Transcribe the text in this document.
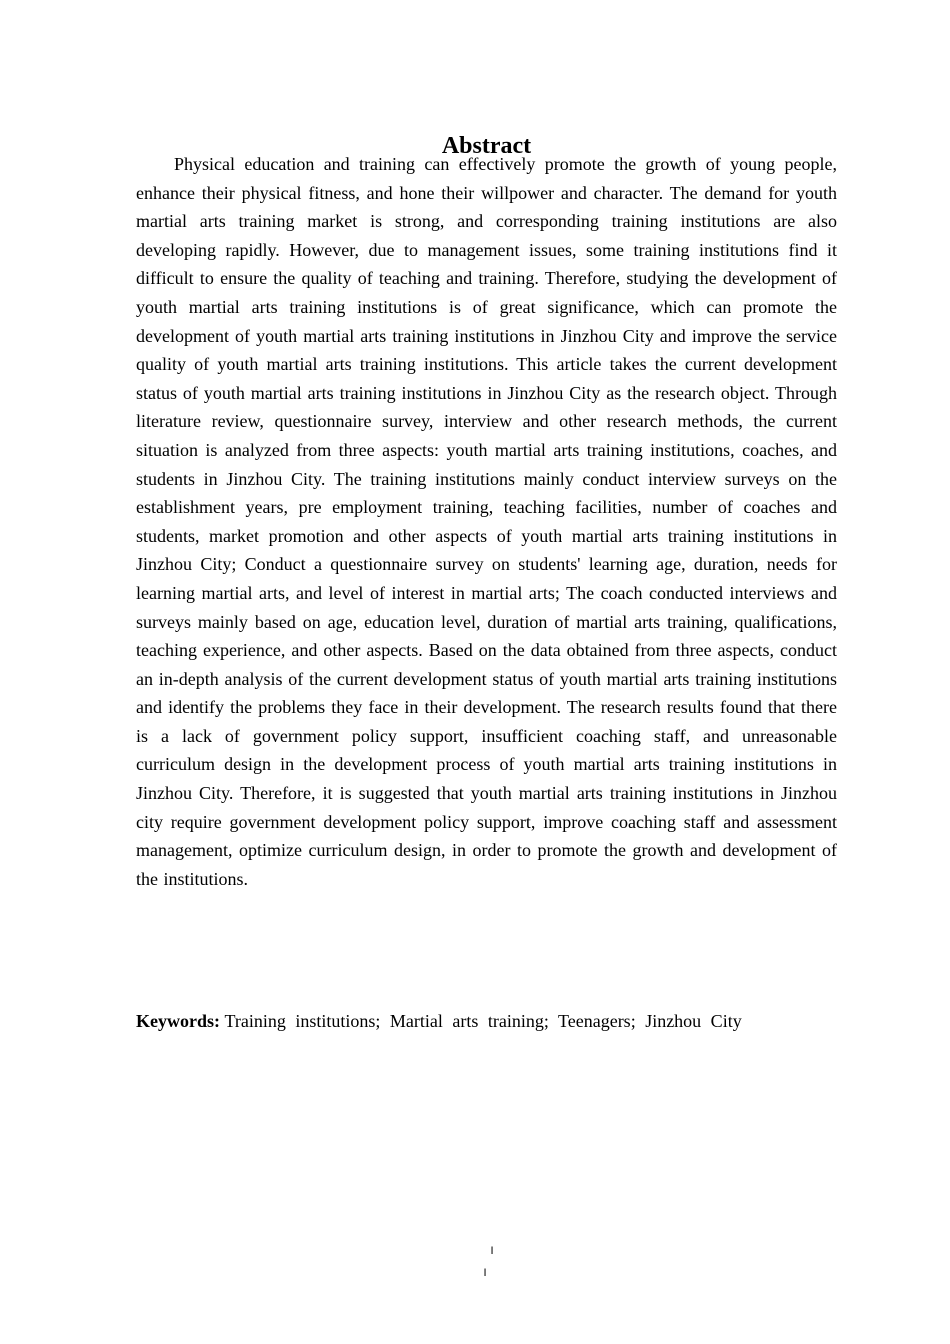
Abstract

Physical education and training can effectively promote the growth of young people, enhance their physical fitness, and hone their willpower and character. The demand for youth martial arts training market is strong, and corresponding training institutions are also developing rapidly. However, due to management issues, some training institutions find it difficult to ensure the quality of teaching and training. Therefore, studying the development of youth martial arts training institutions is of great significance, which can promote the development of youth martial arts training institutions in Jinzhou City and improve the service quality of youth martial arts training institutions. This article takes the current development status of youth martial arts training institutions in Jinzhou City as the research object. Through literature review, questionnaire survey, interview and other research methods, the current situation is analyzed from three aspects: youth martial arts training institutions, coaches, and students in Jinzhou City. The training institutions mainly conduct interview surveys on the establishment years, pre employment training, teaching facilities, number of coaches and students, market promotion and other aspects of youth martial arts training institutions in Jinzhou City; Conduct a questionnaire survey on students' learning age, duration, needs for learning martial arts, and level of interest in martial arts; The coach conducted interviews and surveys mainly based on age, education level, duration of martial arts training, qualifications, teaching experience, and other aspects. Based on the data obtained from three aspects, conduct an in-depth analysis of the current development status of youth martial arts training institutions and identify the problems they face in their development. The research results found that there is a lack of government policy support, insufficient coaching staff, and unreasonable curriculum design in the development process of youth martial arts training institutions in Jinzhou City. Therefore, it is suggested that youth martial arts training institutions in Jinzhou city require government development policy support, improve coaching staff and assessment management, optimize curriculum design, in order to promote the growth and development of the institutions.

Keywords: Training institutions; Martial arts training; Teenagers; Jinzhou City
I
I
